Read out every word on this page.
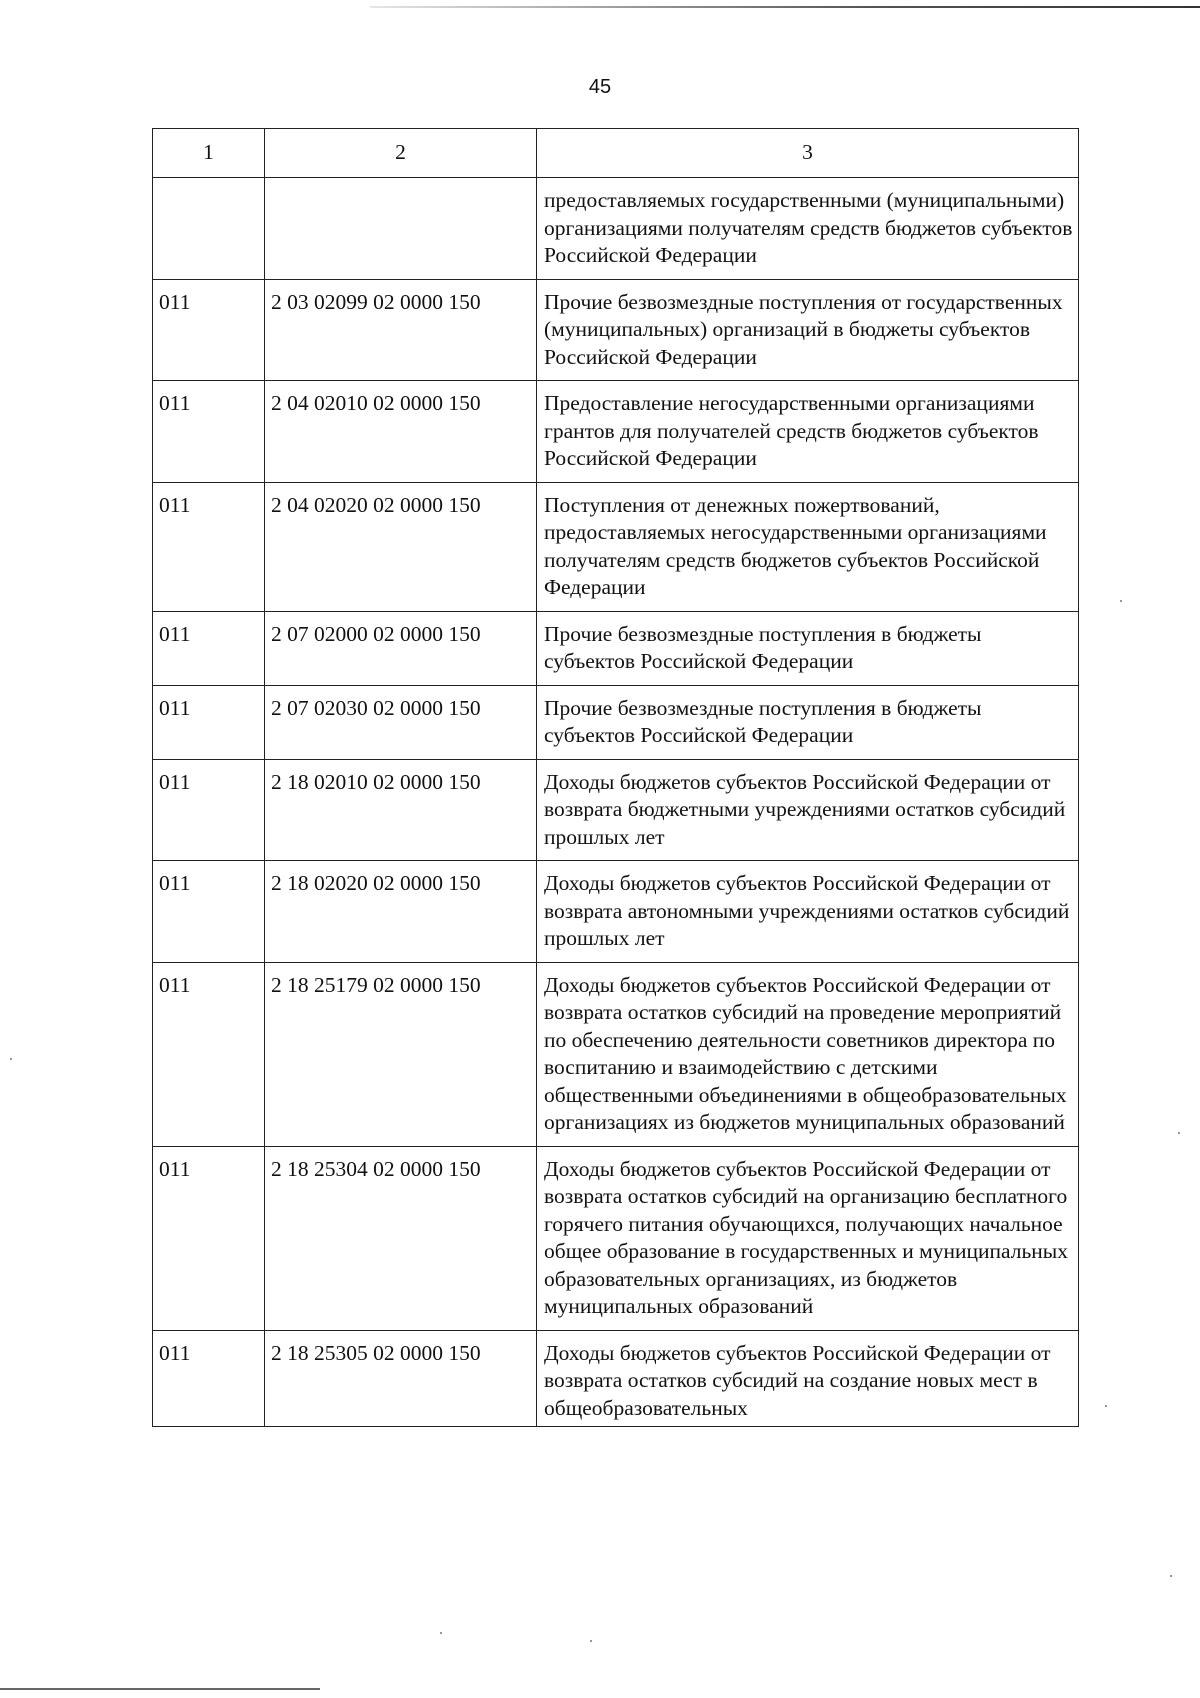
45
1	2	3
		предоставляемых государственными (муниципальными) организациями получателям средств бюджетов субъектов Российской Федерации
011	2 03 02099 02 0000 150	Прочие безвозмездные поступления от государственных (муниципальных) организаций в бюджеты субъектов Российской Федерации
011	2 04 02010 02 0000 150	Предоставление негосударственными организациями грантов для получателей средств бюджетов субъектов Российской Федерации
011	2 04 02020 02 0000 150	Поступления от денежных пожертвований, предоставляемых негосударственными организациями получателям средств бюджетов субъектов Российской Федерации
011	2 07 02000 02 0000 150	Прочие безвозмездные поступления в бюджеты субъектов Российской Федерации
011	2 07 02030 02 0000 150	Прочие безвозмездные поступления в бюджеты субъектов Российской Федерации
011	2 18 02010 02 0000 150	Доходы бюджетов субъектов Российской Федерации от возврата бюджетными учреждениями остатков субсидий прошлых лет
011	2 18 02020 02 0000 150	Доходы бюджетов субъектов Российской Федерации от возврата автономными учреждениями остатков субсидий прошлых лет
011	2 18 25179 02 0000 150	Доходы бюджетов субъектов Российской Федерации от возврата остатков субсидий на проведение мероприятий по обеспечению деятельности советников директора по воспитанию и взаимодействию с детскими общественными объединениями в общеобразовательных организациях из бюджетов муниципальных образований
011	2 18 25304 02 0000 150	Доходы бюджетов субъектов Российской Федерации от возврата остатков субсидий на организацию бесплатного горячего питания обучающихся, получающих начальное общее образование в государственных и муниципальных образовательных организациях, из бюджетов муниципальных образований
011	2 18 25305 02 0000 150	Доходы бюджетов субъектов Российской Федерации от возврата остатков субсидий на создание новых мест в общеобразовательных
